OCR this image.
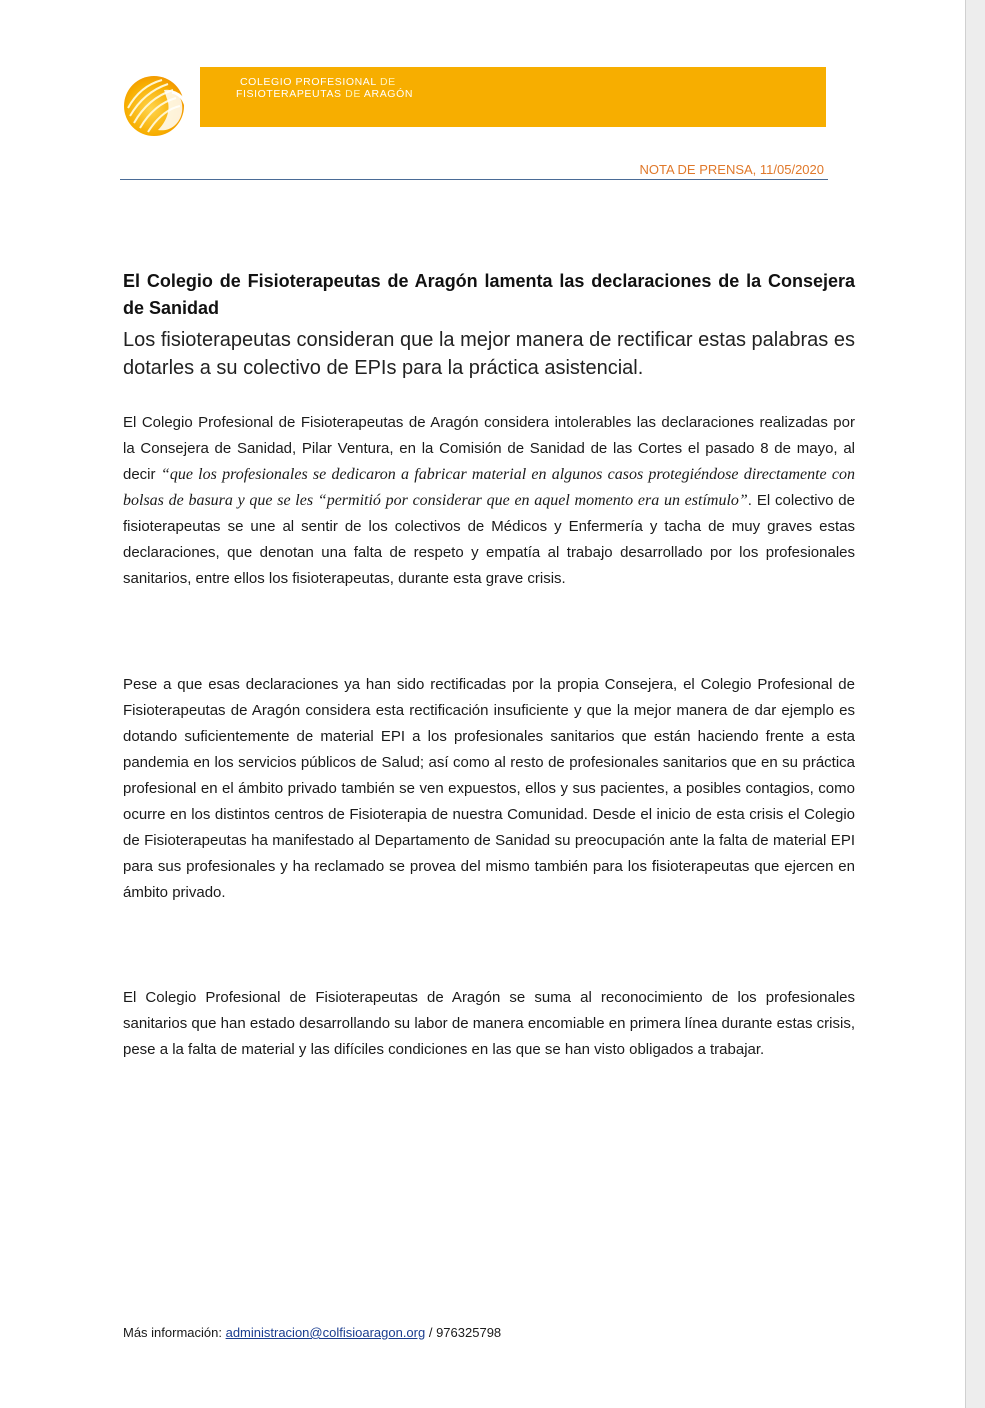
COLEGIO PROFESIONAL DE
FISIOTERAPEUTAS DE ARAGÓN
NOTA DE PRENSA, 11/05/2020
El Colegio de Fisioterapeutas de Aragón lamenta las declaraciones de la Consejera de Sanidad
Los fisioterapeutas consideran que la mejor manera de rectificar estas palabras es dotarles a su colectivo de EPIs para la práctica asistencial.

El Colegio Profesional de Fisioterapeutas de Aragón considera intolerables las declaraciones realizadas por la Consejera de Sanidad, Pilar Ventura, en la Comisión de Sanidad de las Cortes el pasado 8 de mayo, al decir “que los profesionales se dedicaron a fabricar material en algunos casos protegiéndose directamente con bolsas de basura y que se les “permitió por considerar que en aquel momento era un estímulo”. El colectivo de fisioterapeutas se une al sentir de los colectivos de Médicos y Enfermería y tacha de muy graves estas declaraciones, que denotan una falta de respeto y empatía al trabajo desarrollado por los profesionales sanitarios, entre ellos los fisioterapeutas, durante esta grave crisis.

Pese a que esas declaraciones ya han sido rectificadas por la propia Consejera, el Colegio Profesional de Fisioterapeutas de Aragón considera esta rectificación insuficiente y que la mejor manera de dar ejemplo es dotando suficientemente de material EPI a los profesionales sanitarios que están haciendo frente a esta pandemia en los servicios públicos de Salud; así como al resto de profesionales sanitarios que en su práctica profesional en el ámbito privado también se ven expuestos, ellos y sus pacientes, a posibles contagios, como ocurre en los distintos centros de Fisioterapia de nuestra Comunidad. Desde el inicio de esta crisis el Colegio de Fisioterapeutas ha manifestado al Departamento de Sanidad su preocupación ante la falta de material EPI para sus profesionales y ha reclamado se provea del mismo también para los fisioterapeutas que ejercen en ámbito privado.

El Colegio Profesional de Fisioterapeutas de Aragón se suma al reconocimiento de los profesionales sanitarios que han estado desarrollando su labor de manera encomiable en primera línea durante estas crisis, pese a la falta de material y las difíciles condiciones en las que se han visto obligados a trabajar.

Más información: administracion@colfisioaragon.org / 976325798
